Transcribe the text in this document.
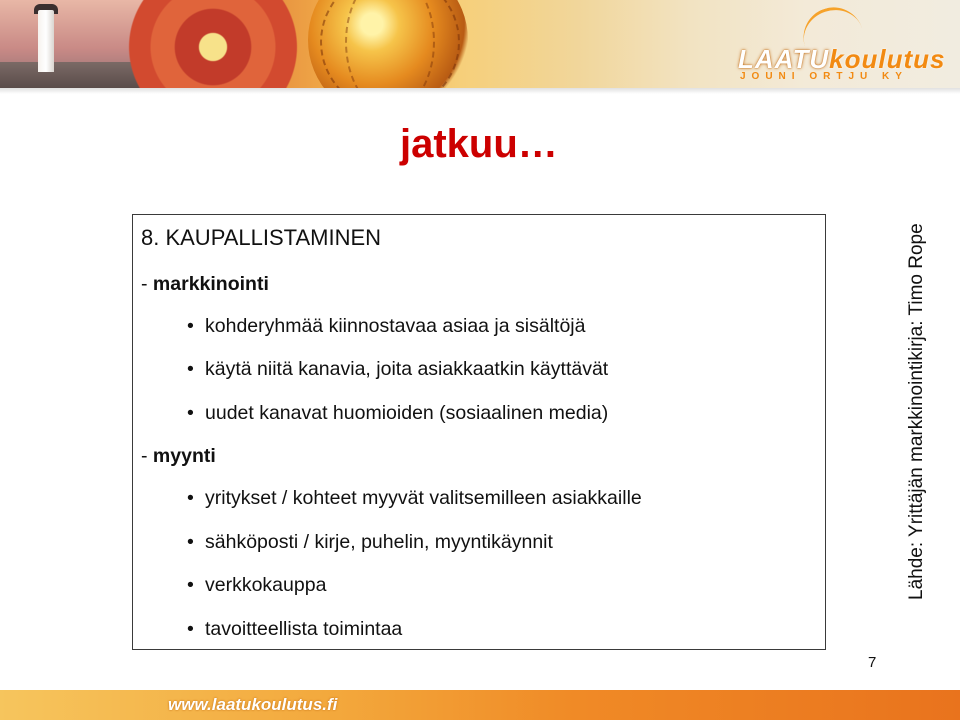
LAATUkoulutus
JOUNI ORTJU KY
jatkuu…
8. KAUPALLISTAMINEN
- markkinointi
• kohderyhmää kiinnostavaa asiaa ja sisältöjä
• käytä niitä kanavia, joita asiakkaatkin käyttävät
• uudet kanavat huomioiden (sosiaalinen media)
- myynti
• yritykset / kohteet myyvät valitsemilleen asiakkaille
• sähköposti / kirje, puhelin, myyntikäynnit
• verkkokauppa
• tavoitteellista toimintaa
Lähde: Yrittäjän markkinointikirja: Timo Rope
7
www.laatukoulutus.fi
